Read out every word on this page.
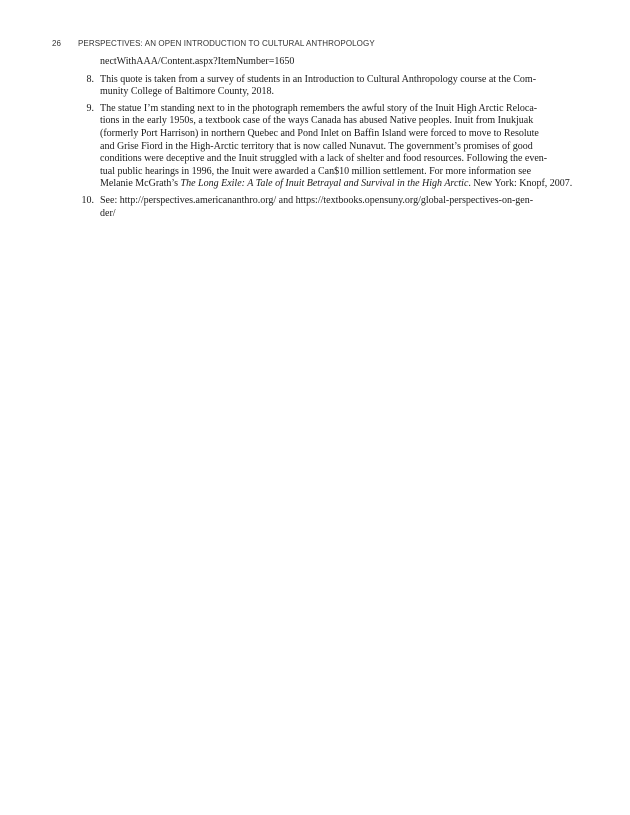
26 PERSPECTIVES: AN OPEN INTRODUCTION TO CULTURAL ANTHROPOLOGY

nectWithAAA/Content.aspx?ItemNumber=1650

8. This quote is taken from a survey of students in an Introduction to Cultural Anthropology course at the Com-
munity College of Baltimore County, 2018.
9. The statue I’m standing next to in the photograph remembers the awful story of the Inuit High Arctic Reloca-
tions in the early 1950s, a textbook case of the ways Canada has abused Native peoples. Inuit from Inukjuak
(formerly Port Harrison) in northern Quebec and Pond Inlet on Baffin Island were forced to move to Resolute
and Grise Fiord in the High-Arctic territory that is now called Nunavut. The government’s promises of good
conditions were deceptive and the Inuit struggled with a lack of shelter and food resources. Following the even-
tual public hearings in 1996, the Inuit were awarded a Can$10 million settlement. For more information see
Melanie McGrath’s The Long Exile: A Tale of Inuit Betrayal and Survival in the High Arctic. New York: Knopf, 2007.
10. See: http://perspectives.americananthro.org/ and https://textbooks.opensuny.org/global-perspectives-on-gen-
der/
